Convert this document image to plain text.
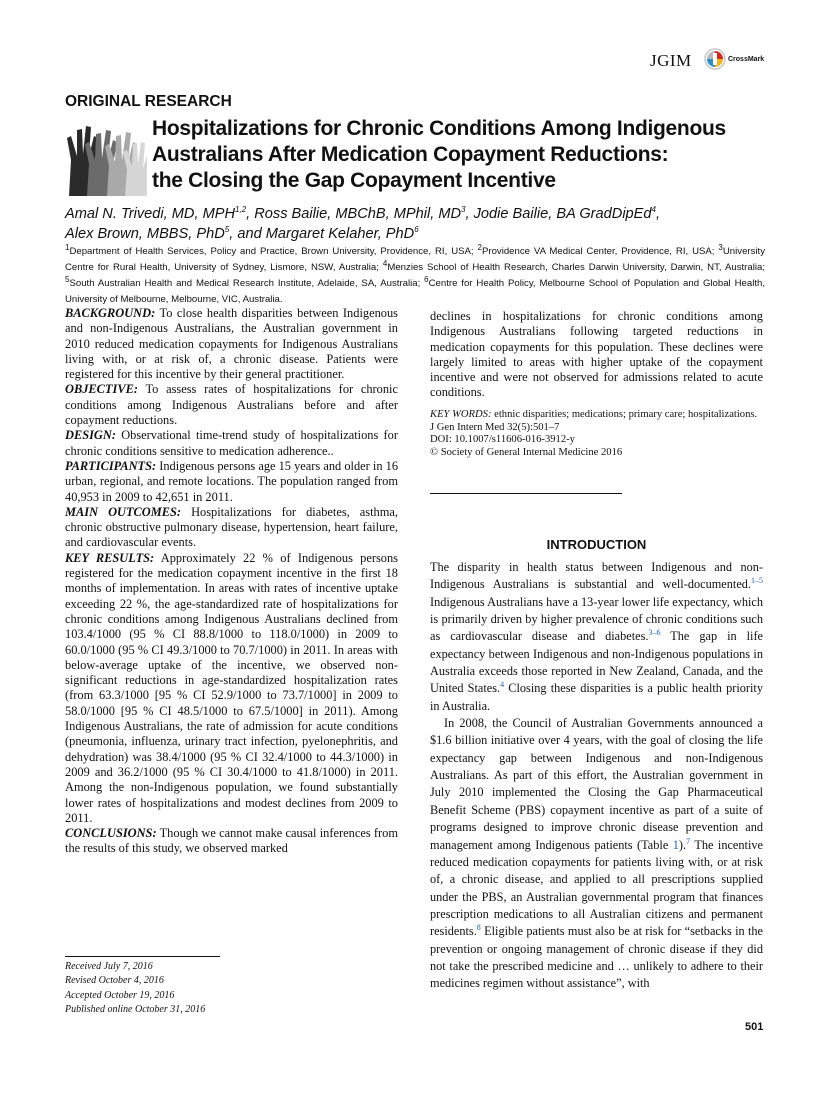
JGIM	CrossMark
ORIGINAL RESEARCH
Hospitalizations for Chronic Conditions Among Indigenous
Australians After Medication Copayment Reductions:
the Closing the Gap Copayment Incentive

Amal N. Trivedi, MD, MPH$^{1,2}$, Ross Bailie, MBChB, MPhil, $MD^3$, Jodie Bailie, BA GradDipEd$^4$,

Alex Brown, MBBS, PhD$^5$, and Margaret Kelaher, PhD$^6$

$^1$Department of Health Services, Policy and Practice, Brown University, Providence, RI, USA; $^2$Providence VA Medical Center, Providence, RI, USA; $^3$University Centre for Rural Health, University of Sydney, Lismore, NSW, Australia; $^4$Menzies School of Health Research, Charles Darwin University, Darwin, NT, Australia; $^5$South Australian Health and Medical Research Institute, Adelaide, SA, Australia; $^6$Centre for Health Policy, Melbourne School of Population and Global Health, University of Melbourne, Melbourne, VIC, Australia.

BACKGROUND: To close health disparities between Indigenous and non-Indigenous Australians, the Australian government in 2010 reduced medication copayments for Indigenous Australians living with, or at risk of, a chronic disease. Patients were registered for this incentive by their general practitioner.

OBJECTIVE: To assess rates of hospitalizations for chronic conditions among Indigenous Australians before and after copayment reductions.

DESIGN: Observational time-trend study of hospitalizations for chronic conditions sensitive to medication adherence..

PARTICIPANTS: Indigenous persons age 15 years and older in 16 urban, regional, and remote locations. The population ranged from 40,953 in 2009 to 42,651 in 2011.

MAIN OUTCOMES: Hospitalizations for diabetes, asthma, chronic obstructive pulmonary disease, hypertension, heart failure, and cardiovascular events.

KEY RESULTS: Approximately 22 % of Indigenous persons registered for the medication copayment incentive in the first 18 months of implementation. In areas with rates of incentive uptake exceeding 22 %, the age-standardized rate of hospitalizations for chronic conditions among Indigenous Australians declined from 103.4/1000 (95 % CI 88.8/1000 to 118.0/1000) in 2009 to 60.0/1000 (95 % CI 49.3/1000 to 70.7/1000) in 2011. In areas with below-average uptake of the incentive, we observed non-significant reductions in age-standardized hospitalization rates (from 63.3/1000 [95 % CI 52.9/1000 to 73.7/1000] in 2009 to 58.0/1000 [95 % CI 48.5/1000 to 67.5/1000] in 2011). Among Indigenous Australians, the rate of admission for acute conditions (pneumonia, influenza, urinary tract infection, pyelonephritis, and dehydration) was 38.4/1000 (95 % CI 32.4/1000 to 44.3/1000) in 2009 and 36.2/1000 (95 % CI 30.4/1000 to 41.8/1000) in 2011. Among the non-Indigenous population, we found substantially lower rates of hospitalizations and modest declines from 2009 to 2011.

CONCLUSIONS: Though we cannot make causal inferences from the results of this study, we observed marked

declines in hospitalizations for chronic conditions among Indigenous Australians following targeted reductions in medication copayments for this population. These declines were largely limited to areas with higher uptake of the copayment incentive and were not observed for admissions related to acute conditions.

KEY WORDS: ethnic disparities; medications; primary care; hospitalizations.

J Gen Intern Med 32(5):501–7

DOI: 10.1007/s11606-016-3912-y

© Society of General Internal Medicine 2016

INTRODUCTION

The disparity in health status between Indigenous and non-Indigenous Australians is substantial and well-documented.$^{1-5}$ Indigenous Australians have a 13-year lower life expectancy, which is primarily driven by higher prevalence of chronic conditions such as cardiovascular disease and diabetes.$^{3-6}$ The gap in life expectancy between Indigenous and non-Indigenous populations in Australia exceeds those reported in New Zealand, Canada, and the United States.$^4$ Closing these disparities is a public health priority in Australia.

In 2008, the Council of Australian Governments announced a $1.6 billion initiative over 4 years, with the goal of closing the life expectancy gap between Indigenous and non-Indigenous Australians. As part of this effort, the Australian government in July 2010 implemented the Closing the Gap Pharmaceutical Benefit Scheme (PBS) copayment incentive as part of a suite of programs designed to improve chronic disease prevention and management among Indigenous patients (Table 1).$^7$ The incentive reduced medication copayments for patients living with, or at risk of, a chronic disease, and applied to all prescriptions supplied under the PBS, an Australian governmental program that finances prescription medications to all Australian citizens and permanent residents.$^8$ Eligible patients must also be at risk for “setbacks in the prevention or ongoing management of chronic disease if they did not take the prescribed medicine and … unlikely to adhere to their medicines regimen without assistance”, with

Received July 7, 2016

Revised October 4, 2016

Accepted October 19, 2016

Published online October 31, 2016

501
